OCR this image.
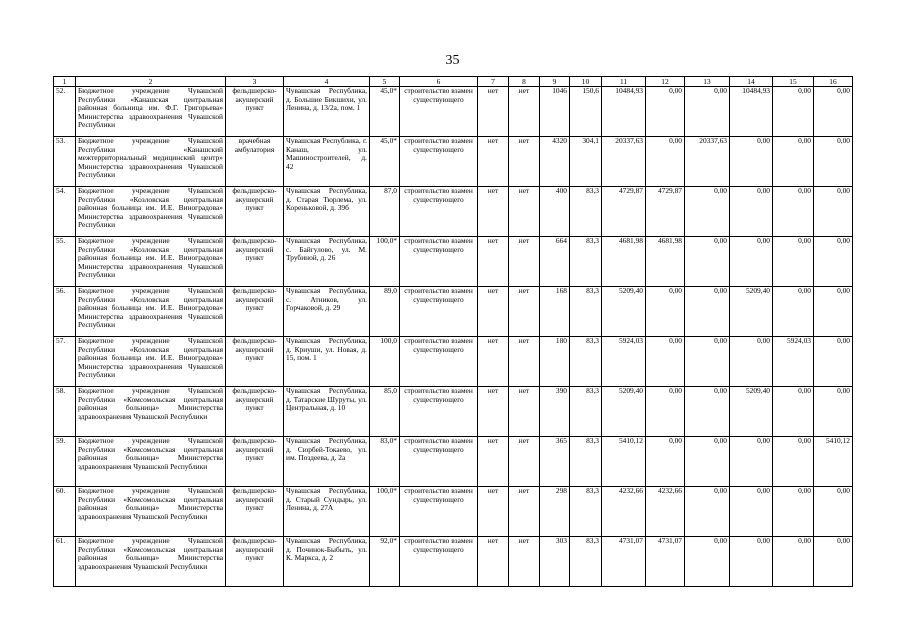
35
1	2	3	4	5	6	7	8	9	10	11	12	13	14	15	16
52.	Бюджетное учреждение Чувашской Республики «Канашская центральная районная больница им. Ф.Г. Григорьева» Министерства здравоохранения Чувашской Республики	фельдшерско-акушерский пункт	Чувашская Республика, д. Большие Бикшихи, ул. Ленина, д. 13/2а, пом. 1	45,0*	строительство взамен существующего	нет	нет	1046	150,6	10484,93	0,00	0,00	10484,93	0,00	0,00
53.	Бюджетное учреждение Чувашской Республики «Канашский межтерриториальный медицинский центр» Министерства здравоохранения Чувашской Республики	врачебная амбулатория	Чувашская Республика, г. Канаш, ул. Машиностроителей, д. 42	45,0*	строительство взамен существующего	нет	нет	4320	304,1	20337,63	0,00	20337,63	0,00	0,00	0,00
54.	Бюджетное учреждение Чувашской Республики «Козловская центральная районная больница им. И.Е. Виноградова» Министерства здравоохранения Чувашской Республики	фельдшерско-акушерский пункт	Чувашская Республика, д. Старая Тюрлема, ул. Кореньковой, д. 39б	87,0	строительство взамен существующего	нет	нет	400	83,3	4729,87	4729,87	0,00	0,00	0,00	0,00
55.	Бюджетное учреждение Чувашской Республики «Козловская центральная районная больница им. И.Е. Виноградова» Министерства здравоохранения Чувашской Республики	фельдшерско-акушерский пункт	Чувашская Республика, с. Байгулово, ул. М. Трубиной, д. 26	100,0*	строительство взамен существующего	нет	нет	664	83,3	4681,98	4681,98	0,00	0,00	0,00	0,00
56.	Бюджетное учреждение Чувашской Республики «Козловская центральная районная больница им. И.Е. Виноградова» Министерства здравоохранения Чувашской Республики	фельдшерско-акушерский пункт	Чувашская Республика, с. Атников, ул. Горчаковой, д. 29	89,0	строительство взамен существующего	нет	нет	168	83,3	5209,40	0,00	0,00	5209,40	0,00	0,00
57.	Бюджетное учреждение Чувашской Республики «Козловская центральная районная больница им. И.Е. Виноградова» Министерства здравоохранения Чувашской Республики	фельдшерско-акушерский пункт	Чувашская Республика, д. Криуши, ул. Новая, д. 15, пом. 1	100,0	строительство взамен существующего	нет	нет	180	83,3	5924,03	0,00	0,00	0,00	5924,03	0,00
58.	Бюджетное учреждение Чувашской Республики «Комсомольская центральная районная больница» Министерства здравоохранения Чувашской Республики	фельдшерско-акушерский пункт	Чувашская Республика, д. Татарские Шуруты, ул. Центральная, д. 10	85,0	строительство взамен существующего	нет	нет	390	83,3	5209,40	0,00	0,00	5209,40	0,00	0,00
59.	Бюджетное учреждение Чувашской Республики «Комсомольская центральная районная больница» Министерства здравоохранения Чувашской Республики	фельдшерско-акушерский пункт	Чувашская Республика, д. Сюрбей-Токаево, ул. им. Поздеева, д. 2а	83,0*	строительство взамен существующего	нет	нет	365	83,3	5410,12	0,00	0,00	0,00	0,00	5410,12
60.	Бюджетное учреждение Чувашской Республики «Комсомольская центральная районная больница» Министерства здравоохранения Чувашской Республики	фельдшерско-акушерский пункт	Чувашская Республика, д. Старый Сундырь, ул. Ленина, д. 27А	100,0*	строительство взамен существующего	нет	нет	298	83,3	4232,66	4232,66	0,00	0,00	0,00	0,00
61.	Бюджетное учреждение Чувашской Республики «Комсомольская центральная районная больница» Министерства здравоохранения Чувашской Республики	фельдшерско-акушерский пункт	Чувашская Республика, д. Починок-Быбыть, ул. К. Маркса, д. 2	92,0*	строительство взамен существующего	нет	нет	303	83,3	4731,07	4731,07	0,00	0,00	0,00	0,00
